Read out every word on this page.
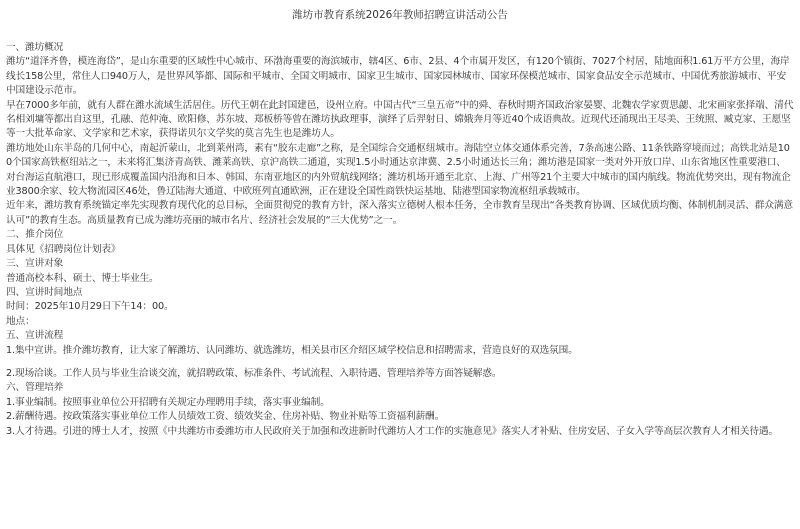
潍坊市教育系统2026年教师招聘宣讲活动公告

一、潍坊概况

潍坊“道泽齐鲁，模连海岱”，是山东重要的区域性中心城市、环渤海重要的海滨城市，辖4区、6市、2县、4个市属开发区，有120个镇街、7027个村居，陆地面积1.61万平方公里，海岸线长158公里，常住人口940万人，是世界风筝都、国际和平城市、全国文明城市、国家卫生城市、国家园林城市、国家环保模范城市、国家食品安全示范城市、中国优秀旅游城市、平安中国建设示范市。

早在7000多年前，就有人群在潍水流域生活居住。历代王朝在此封国建邑，设州立府。中国古代“三皇五帝”中的舜、春秋时期齐国政治家晏婴、北魏农学家贾思勰、北宋画家张择端、清代名相刘墉等都出自这里，孔融、范仲淹、欧阳修、苏东坡、郑板桥等曾在潍坊执政理事，演绎了后羿射日、嫦娥奔月等近40个成语典故。近现代还涌现出王尽美、王统照、臧克家、王愿坚等一大批革命家、文学家和艺术家，获得诺贝尔文学奖的莫言先生也是潍坊人。

潍坊地处山东半岛的几何中心，南起沂蒙山，北到莱州湾，素有“胶东走廊”之称，是全国综合交通枢纽城市。海陆空立体交通体系完善，7条高速公路、11条铁路穿境而过；高铁北站是100个国家高铁枢纽站之一，未来将汇集济青高铁、潍莱高铁、京沪高铁二通道，实现1.5小时通达京津冀、2.5小时通达长三角；潍坊港是国家一类对外开放口岸、山东省地区性重要港口、对台海运直航港口，现已形成覆盖国内沿海和日本、韩国、东南亚地区的内外贸航线网络；潍坊机场开通至北京、上海、广州等21个主要大中城市的国内航线。物流优势突出，现有物流企业3800余家、较大物流园区46处，鲁辽陆海大通道、中欧班列直通欧洲，正在建设全国性商铁快运基地、陆港型国家物流枢纽承载城市。

近年来，潍坊教育系统锚定率先实现教育现代化的总目标，全面贯彻党的教育方针，深入落实立德树人根本任务，全市教育呈现出“各类教育协调、区域优质均衡、体制机制灵活、群众满意认可”的教育生态。高质量教育已成为潍坊亮丽的城市名片、经济社会发展的“三大优势”之一。

二、推介岗位

具体见《招聘岗位计划表》

三、宣讲对象

普通高校本科、硕士、博士毕业生。

四、宣讲时间地点

时间：2025年10月29日下午14：00。

地点：

五、宣讲流程

1.集中宣讲。推介潍坊教育，让大家了解潍坊、认同潍坊、就选潍坊，相关县市区介绍区域学校信息和招聘需求，营造良好的双选氛围。

2.现场洽谈。工作人员与毕业生洽谈交流，就招聘政策、标准条件、考试流程、入职待遇、管理培养等方面答疑解惑。

六、管理培养

1.事业编制。按照事业单位公开招聘有关规定办理聘用手续，落实事业编制。

2.薪酬待遇。按政策落实事业单位工作人员绩效工资、绩效奖金、住房补贴、物业补贴等工资福利薪酬。

3.人才待遇。引进的博士人才，按照《中共潍坊市委潍坊市人民政府关于加强和改进新时代潍坊人才工作的实施意见》落实人才补贴、住房安居、子女入学等高层次教育人才相关待遇。
